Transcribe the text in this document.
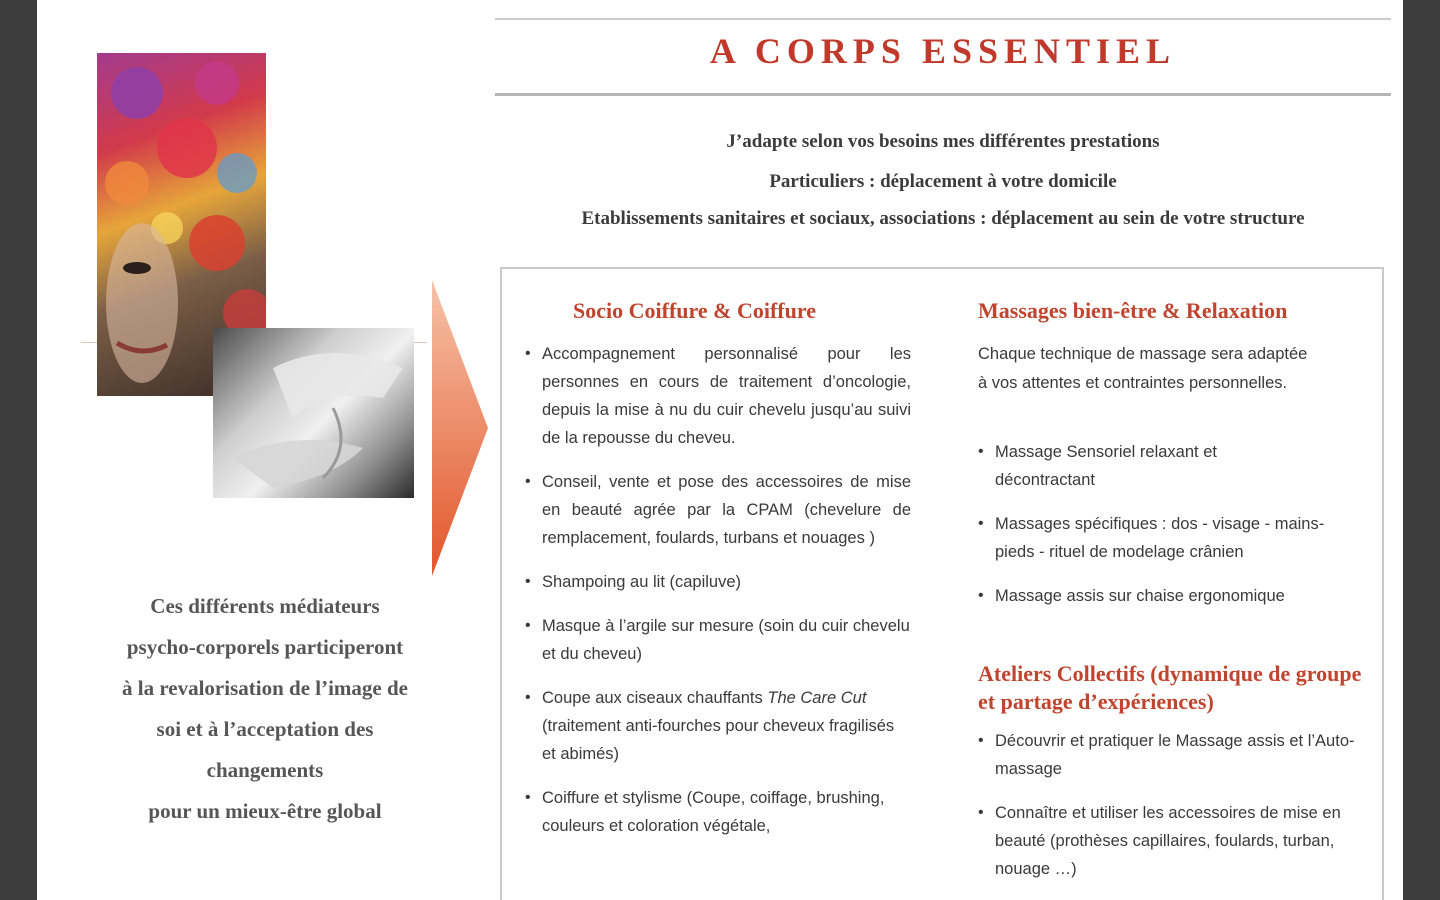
A CORPS ESSENTIEL
J’adapte selon vos besoins mes différentes prestations
Particuliers : déplacement à votre domicile
Etablissements sanitaires et sociaux, associations : déplacement au sein de votre structure
Ces différents médiateurs
psycho-corporels participeront
à la revalorisation de l’image de
soi et à l’acceptation des
changements
pour un mieux-être global
Socio Coiffure & Coiffure
• Accompagnement personnalisé pour les personnes en cours de traitement d’oncologie, depuis la mise à nu du cuir chevelu jusqu’au suivi de la repousse du cheveu.
• Conseil, vente et pose des accessoires de mise en beauté agrée par la CPAM (chevelure de remplacement, foulards, turbans et nouages )
• Shampoing au lit (capiluve)
• Masque à l’argile sur mesure (soin du cuir chevelu et du cheveu)
• Coupe aux ciseaux chauffants The Care Cut (traitement anti-fourches pour cheveux fragilisés et abimés)
• Coiffure et stylisme (Coupe, coiffage, brushing, couleurs et coloration végétale,
Massages bien-être & Relaxation
Chaque technique de massage sera adaptée à vos attentes et contraintes personnelles.
• Massage Sensoriel relaxant et décontractant
• Massages spécifiques : dos - visage - mains- pieds - rituel de modelage crânien
• Massage assis sur chaise ergonomique
Ateliers Collectifs (dynamique de groupe et partage d’expériences)
• Découvrir et pratiquer le Massage assis et l’Auto-massage
• Connaître et utiliser les accessoires de mise en beauté (prothèses capillaires, foulards, turban, nouage …)
